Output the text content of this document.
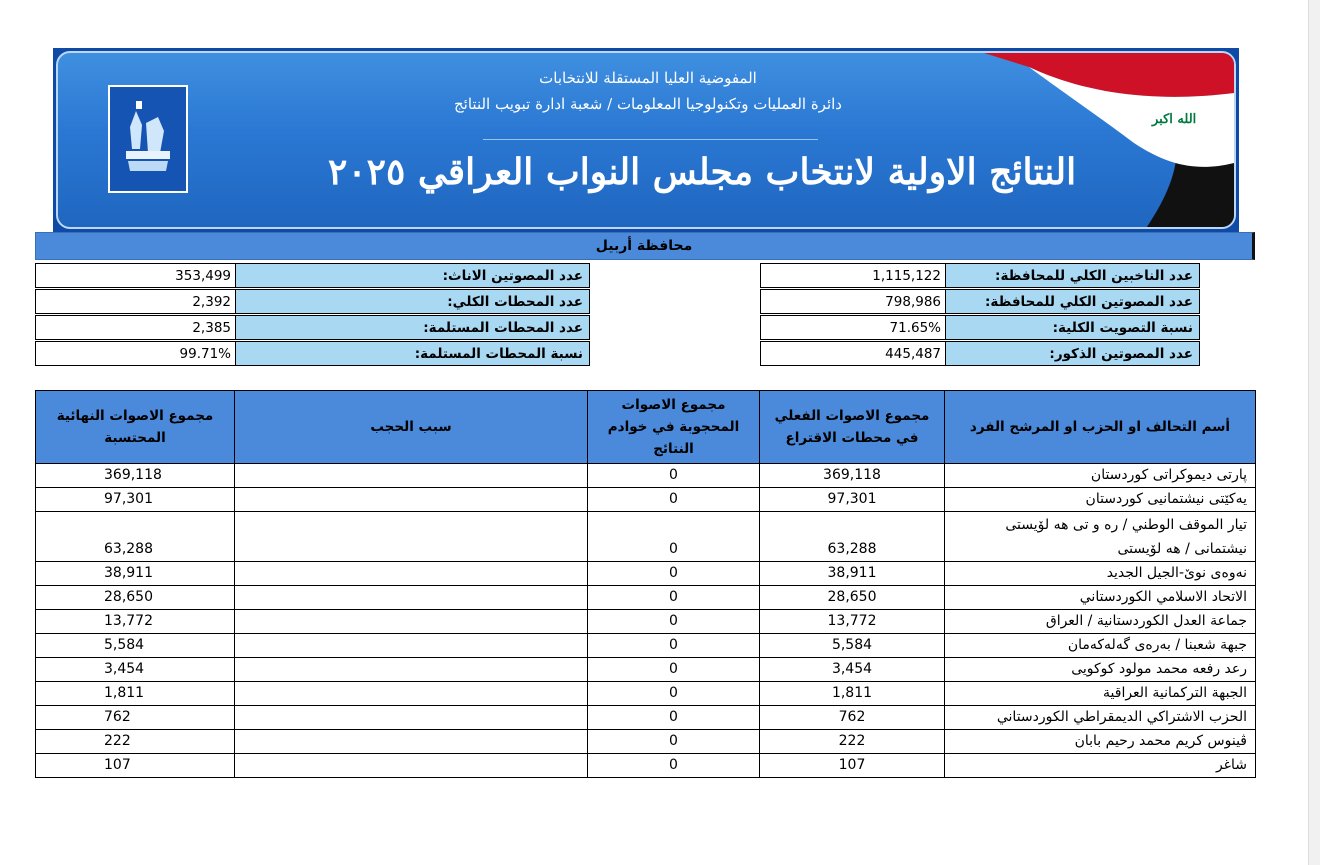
المفوضية العليا المستقلة للانتخابات
دائرة العمليات وتكنولوجيا المعلومات / شعبة ادارة تبويب النتائج
النتائج الاولية لانتخاب مجلس النواب العراقي ٢٠٢٥
الله اكبر
محافظة أربيل
1,115,122	عدد الناخبين الكلي للمحافظة:
798,986	عدد المصوتين الكلي للمحافظة:
71.65%	نسبة التصويت الكلية:
445,487	عدد المصوتين الذكور:
353,499	عدد المصوتين الاناث:
2,392	عدد المحطات الكلي:
2,385	عدد المحطات المستلمة:
99.71%	نسبة المحطات المستلمة:
مجموع الاصوات النهائية المحتسبة	سبب الحجب	مجموع الاصوات المحجوبة في خوادم النتائج	مجموع الاصوات الفعلي في محطات الاقتراع	أسم التحالف او الحزب او المرشح الفرد
369,118		0	369,118	پارتی ديموكراتی كوردستان
97,301		0	97,301	يەكێتی نيشتمانيی كوردستان
63,288		0	63,288	تيار الموقف الوطني / ره و تی هه لۆيستی نيشتمانی / هه لۆيستی
38,911		0	38,911	نەوەی نوێ-الجيل الجديد
28,650		0	28,650	الاتحاد الاسلامي الكوردستاني
13,772		0	13,772	جماعة العدل الكوردستانية / العراق
5,584		0	5,584	جبهة شعبنا / بەرەی گەلەكەمان
3,454		0	3,454	رعد رفعه محمد مولود كوكويی
1,811		0	1,811	الجبهة التركمانية العراقية
762		0	762	الحزب الاشتراكي الديمقراطي الكوردستاني
222		0	222	ڤينوس كريم محمد رحيم بابان
107		0	107	شاغر
